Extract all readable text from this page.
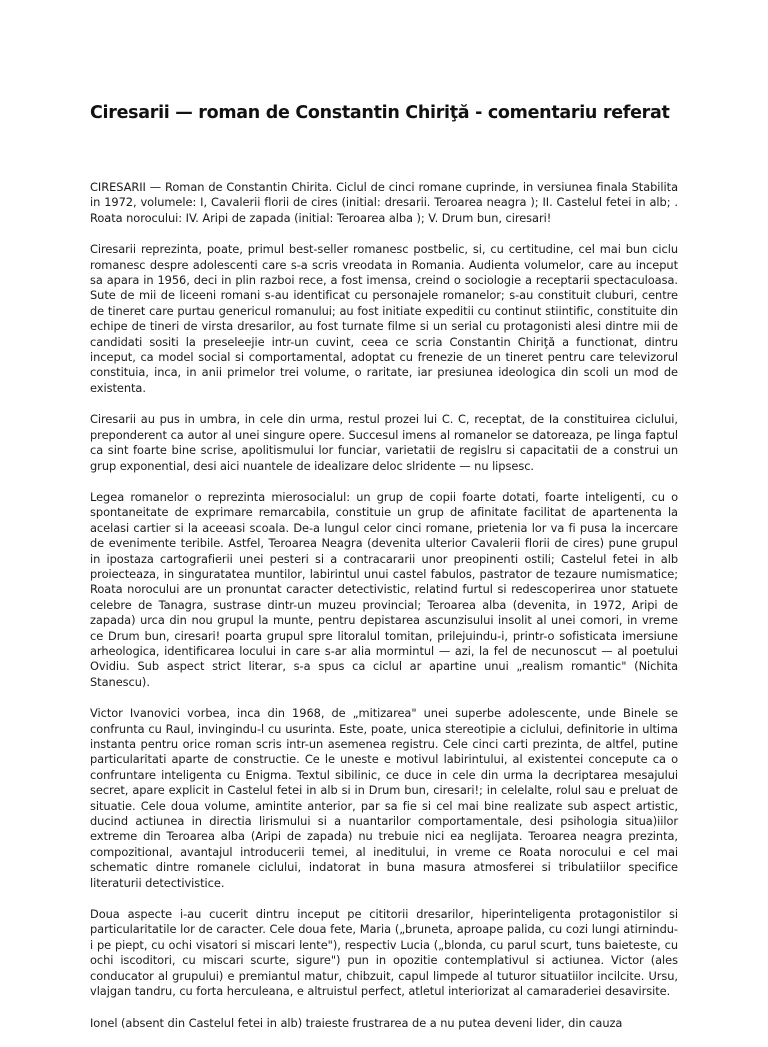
Ciresarii — roman de Constantin Chiriţă - comentariu referat

CIRESARII — Roman de Constantin Chirita. Ciclul de cinci romane cuprinde, in versiunea finala Stabilita in 1972, volumele: I, Cavalerii florii de cires (initial: dresarii. Teroarea neagra ); II. Castelul fetei in alb; . Roata norocului: IV. Aripi de zapada (initial: Teroarea alba ); V. Drum bun, ciresari!

Ciresarii reprezinta, poate, primul best-seller romanesc postbelic, si, cu certitudine, cel mai bun ciclu romanesc despre adolescenti care s-a scris vreodata in Romania. Audienta volumelor, care au inceput sa apara in 1956, deci in plin razboi rece, a fost imensa, creind o sociologie a receptarii spectaculoasa. Sute de mii de liceeni romani s-au identificat cu personajele romanelor; s-au constituit cluburi, centre de tineret care purtau genericul romanului; au fost initiate expeditii cu continut stiintific, constituite din echipe de tineri de virsta dresarilor, au fost turnate filme si un serial cu protagonisti alesi dintre mii de candidati sositi la preseleejie intr-un cuvint, ceea ce scria Constantin Chiriţă a functionat, dintru inceput, ca model social si comportamental, adoptat cu frenezie de un tineret pentru care televizorul constituia, inca, in anii primelor trei volume, o raritate, iar presiunea ideologica din scoli un mod de existenta.

Ciresarii au pus in umbra, in cele din urma, restul prozei lui C. C, receptat, de Ia constituirea ciclului, preponderent ca autor al unei singure opere. Succesul imens al romanelor se datoreaza, pe linga faptul ca sint foarte bine scrise, apolitismului lor funciar, varietatii de regislru si capacitatii de a construi un grup exponential, desi aici nuantele de idealizare deloc slridente — nu lipsesc.

Legea romanelor o reprezinta mierosocialul: un grup de copii foarte dotati, foarte inteligenti, cu o spontaneitate de exprimare remarcabila, constituie un grup de afinitate facilitat de apartenenta la acelasi cartier si la aceeasi scoala. De-a lungul celor cinci romane, prietenia lor va fi pusa la incercare de evenimente teribile. Astfel, Teroarea Neagra (devenita ulterior Cavalerii florii de cires) pune grupul in ipostaza cartografierii unei pesteri si a contracararii unor preopinenti ostili; Castelul fetei in alb proiecteaza, in singuratatea muntilor, labirintul unui castel fabulos, pastrator de tezaure numismatice; Roata norocului are un pronuntat caracter detectivistic, relatind furtul si redescoperirea unor statuete celebre de Tanagra, sustrase dintr-un muzeu provincial; Teroarea alba (devenita, in 1972, Aripi de zapada) urca din nou grupul la munte, pentru depistarea ascunzisului insolit al unei comori, in vreme ce Drum bun, ciresari! poarta grupul spre litoralul tomitan, prilejuindu-i, printr-o sofisticata imersiune arheologica, identificarea locului in care s-ar alia mormintul — azi, la fel de necunoscut — al poetului Ovidiu. Sub aspect strict literar, s-a spus ca ciclul ar apartine unui „realism romantic" (Nichita Stanescu).

Victor Ivanovici vorbea, inca din 1968, de „mitizarea" unei superbe adolescente, unde Binele se confrunta cu Raul, invingindu-l cu usurinta. Este, poate, unica stereotipie a ciclului, definitorie in ultima instanta pentru orice roman scris intr-un asemenea registru. Cele cinci carti prezinta, de altfel, putine particularitati aparte de constructie. Ce le uneste e motivul labirintului, al existentei concepute ca o confruntare inteligenta cu Enigma. Textul sibilinic, ce duce in cele din urma la decriptarea mesajului secret, apare explicit in Castelul fetei in alb si in Drum bun, ciresari!; in celelalte, rolul sau e preluat de situatie. Cele doua volume, amintite anterior, par sa fie si cel mai bine realizate sub aspect artistic, ducind actiunea in directia lirismului si a nuantarilor comportamentale, desi psihologia situa)iilor extreme din Teroarea alba (Aripi de zapada) nu trebuie nici ea neglijata. Teroarea neagra prezinta, compozitional, avantajul introducerii temei, al ineditului, in vreme ce Roata norocului e cel mai schematic dintre romanele ciclului, indatorat in buna masura atmosferei si tribulatiilor specifice literaturii detectivistice.

Doua aspecte i-au cucerit dintru inceput pe cititorii dresarilor, hiperinteligenta protagonistilor si particularitatile lor de caracter. Cele doua fete, Maria („bruneta, aproape palida, cu cozi lungi atirnindu-i pe piept, cu ochi visatori si miscari lente"), respectiv Lucia („blonda, cu parul scurt, tuns baieteste, cu ochi iscoditori, cu miscari scurte, sigure") pun in opozitie contemplativul si actiunea. Victor (ales conducator al grupului) e premiantul matur, chibzuit, capul limpede al tuturor situatiilor incilcite. Ursu, vlajgan tandru, cu forta herculeana, e altruistul perfect, atletul interiorizat al camaraderiei desavirsite.

Ionel (absent din Castelul fetei in alb) traieste frustrarea de a nu putea deveni lider, din cauza
